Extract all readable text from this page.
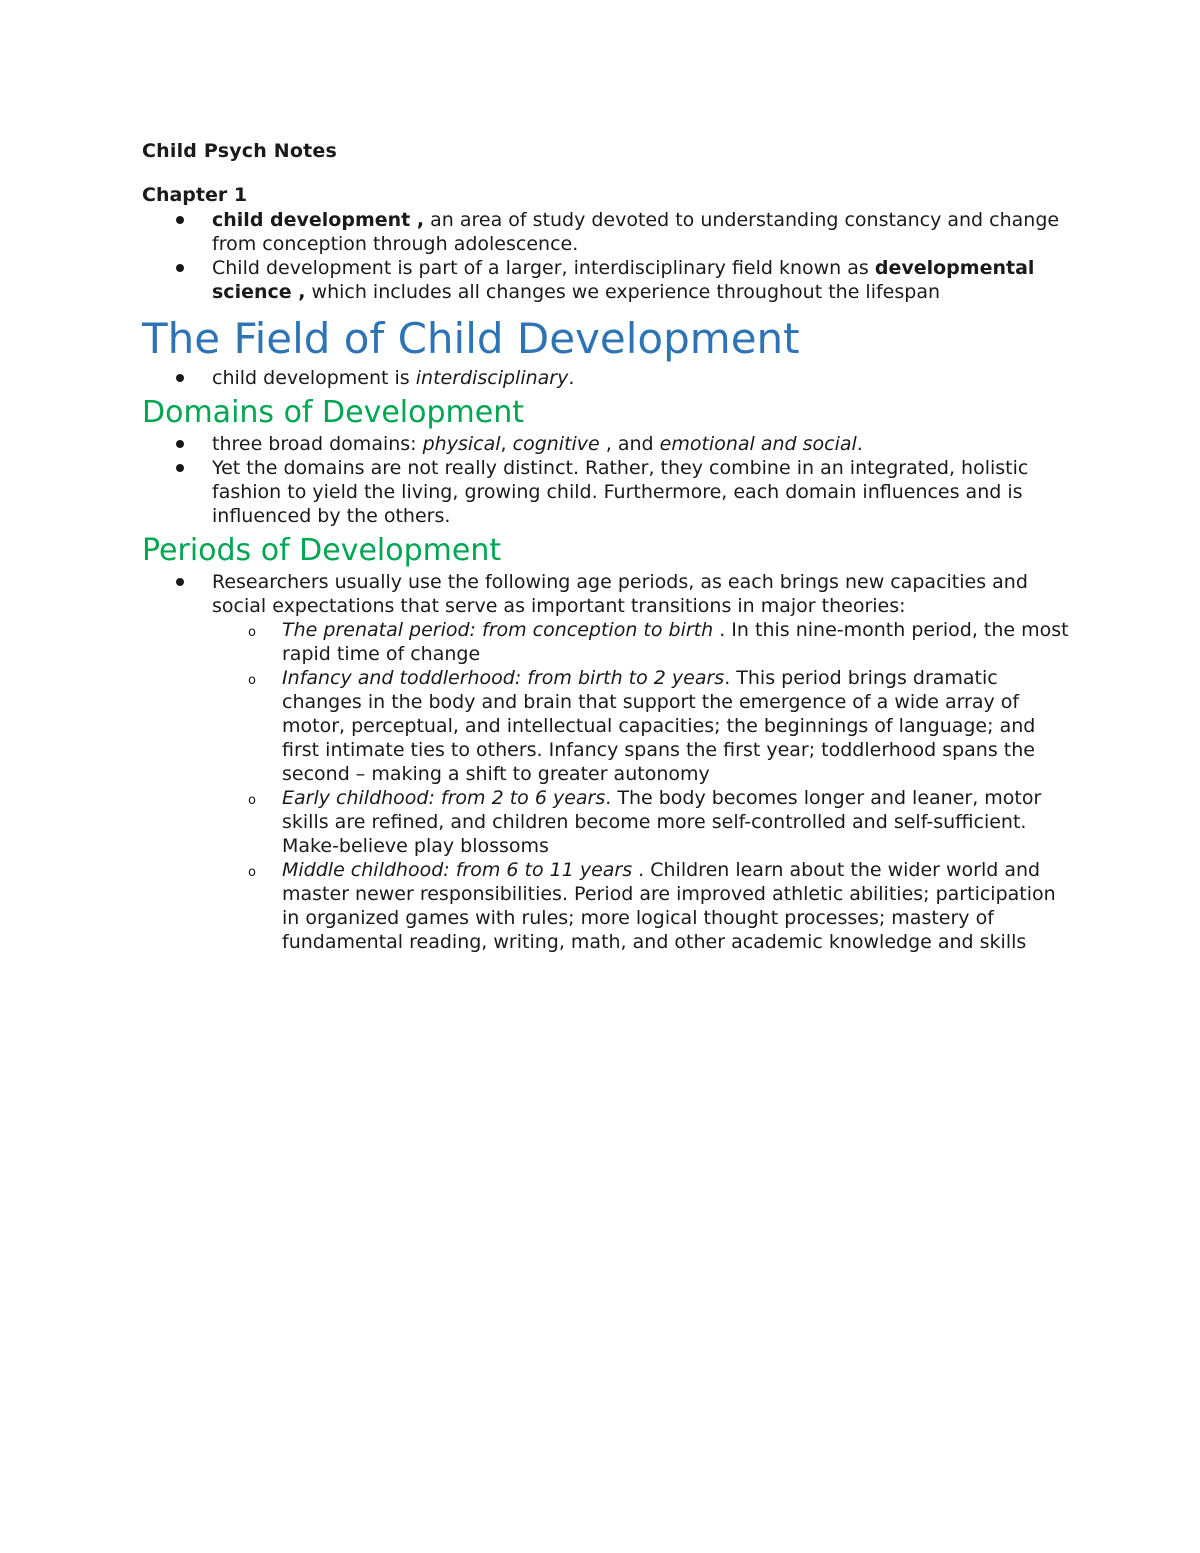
Child Psych Notes

Chapter 1

child development , an area of study devoted to understanding constancy and change from conception through adolescence.
Child development is part of a larger, interdisciplinary field known as developmental science , which includes all changes we experience throughout the lifespan
The Field of Child Development
child development is interdisciplinary.
Domains of Development
three broad domains: physical, cognitive , and emotional and social.
Yet the domains are not really distinct. Rather, they combine in an integrated, holistic fashion to yield the living, growing child. Furthermore, each domain influences and is influenced by the others.
Periods of Development
Researchers usually use the following age periods, as each brings new capacities and social expectations that serve as important transitions in major theories:
o The prenatal period: from conception to birth . In this nine-month period, the most rapid time of change
o Infancy and toddlerhood: from birth to 2 years. This period brings dramatic changes in the body and brain that support the emergence of a wide array of motor, perceptual, and intellectual capacities; the beginnings of language; and first intimate ties to others. Infancy spans the first year; toddlerhood spans the second – making a shift to greater autonomy
o Early childhood: from 2 to 6 years. The body becomes longer and leaner, motor skills are refined, and children become more self-controlled and self-sufficient. Make-believe play blossoms
o Middle childhood: from 6 to 11 years . Children learn about the wider world and master newer responsibilities. Period are improved athletic abilities; participation in organized games with rules; more logical thought processes; mastery of fundamental reading, writing, math, and other academic knowledge and skills
